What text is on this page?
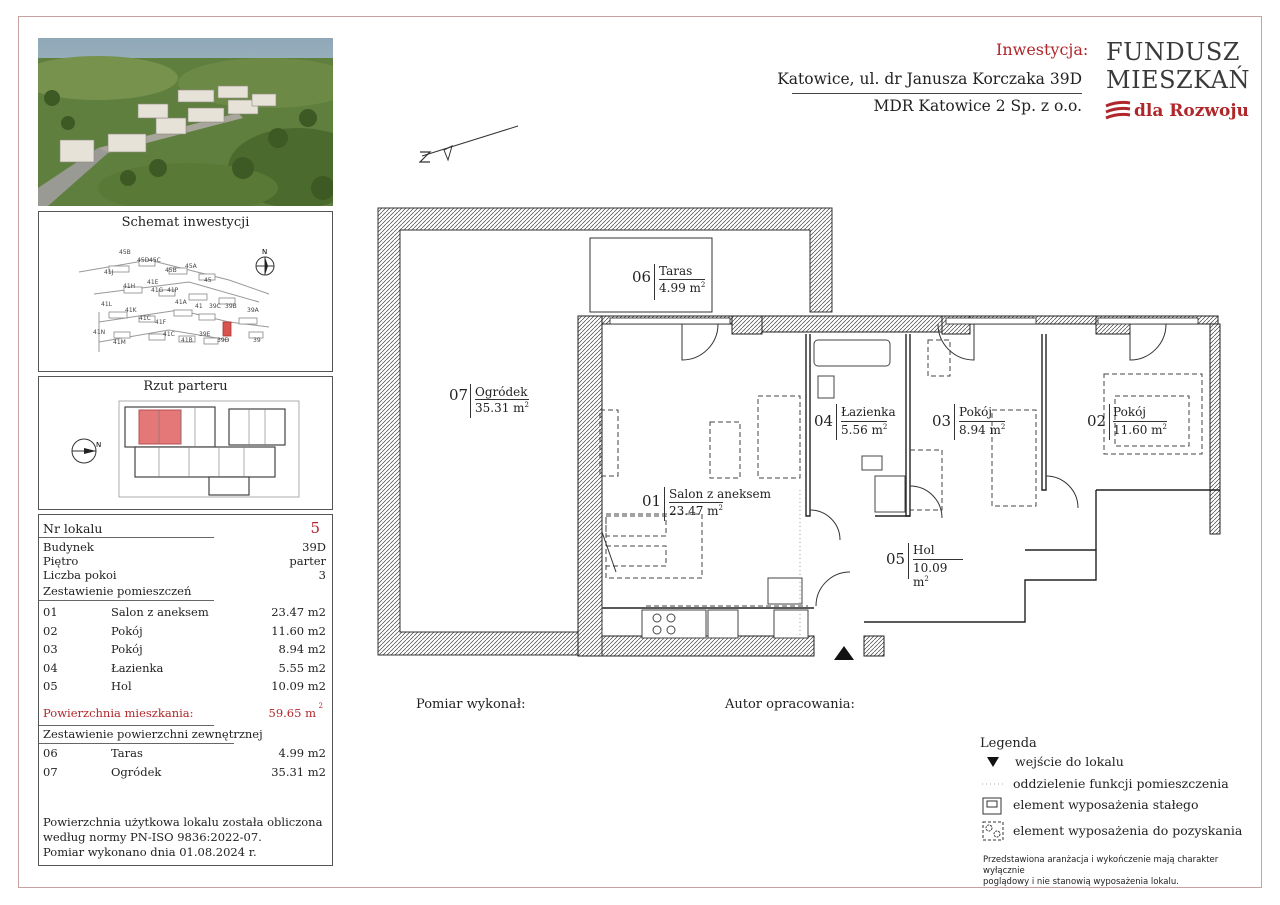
Schemat inwestycji
45B
45D 45C
45A
45
41J
41E
45B
41H
41G 41P
41A
41 39C 39B
39A
41L
41K
41C
41F
41N
41M
41C
41B
39E
39D	39
N
Rzut parteru
N
Nr lokalu	5
Budynek	39D
Piętro	parter
Liczba pokoi	3
Zestawienie pomieszczeń
01	Salon z aneksem	23.47 m2
02	Pokój	11.60 m2
03	Pokój	8.94 m2
04	Łazienka	5.55 m2
05	Hol	10.09 m2
Powierzchnia mieszkania:	59.65 m 2
Zestawienie powierzchni zewnętrznej
06	Taras	4.99 m2
07	Ogródek	35.31 m2
Powierzchnia użytkowa lokalu została obliczona
według normy PN-ISO 9836:2022-07.
Pomiar wykonano dnia 01.08.2024 r.
Inwestycja:
Katowice, ul. dr Janusza Korczaka 39D
MDR Katowice 2 Sp. z o.o.
FUNDUSZ
MIESZKAŃ
dla Rozwoju
07 Ogródek
35.31 $m^2$
06 Taras
4.99 $m^2$
01 Salon z aneksem
23.47 $m^2$
04 Łazienka
5.56 $m^2$	03 Pokój
8.94 $m^2$	02 Pokój
11.60 $m^2$
05 Hol
10.09 $m^2$
Pomiar wykonał:	Autor opracowania:
Legenda
wejście do lokalu
oddzielenie funkcji pomieszczenia
element wyposażenia stałego
element wyposażenia do pozyskania
Przedstawiona aranżacja i wykończenie mają charakter wyłącznie
poglądowy i nie stanowią wyposażenia lokalu.
